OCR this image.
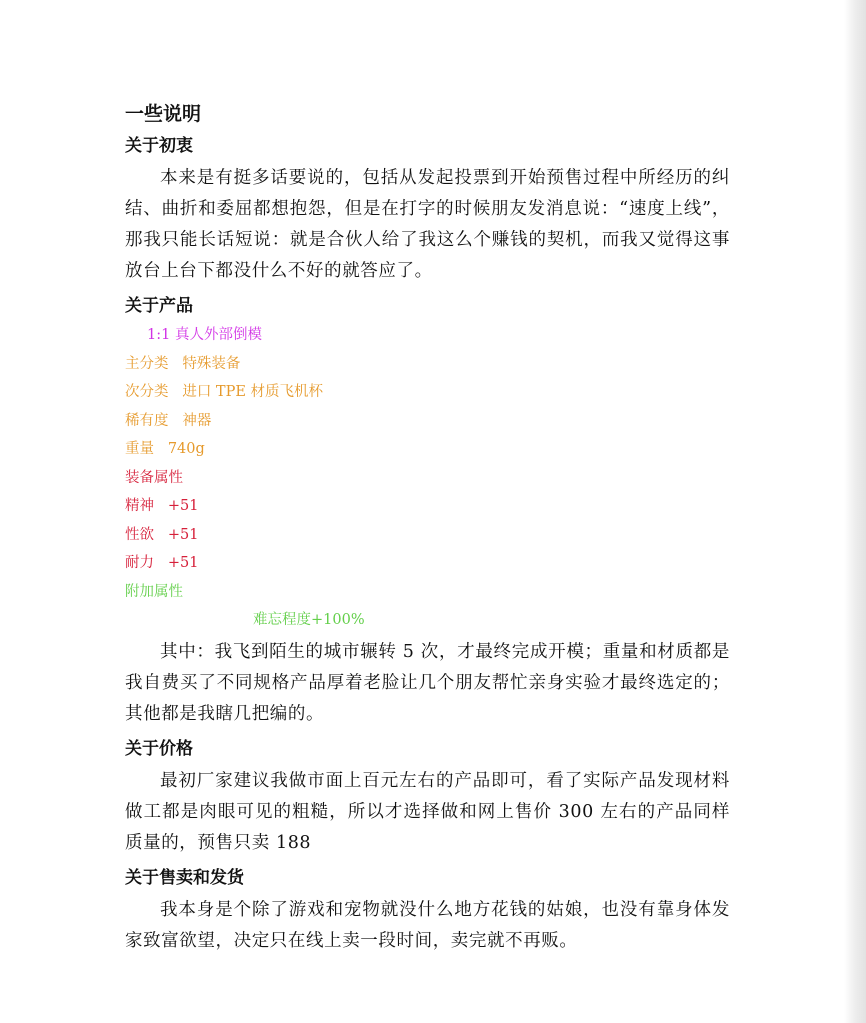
一些说明
关于初衷
本来是有挺多话要说的，包括从发起投票到开始预售过程中所经历的纠结、曲折和委屈都想抱怨，但是在打字的时候朋友发消息说：“速度上线”，那我只能长话短说：就是合伙人给了我这么个赚钱的契机，而我又觉得这事放台上台下都没什么不好的就答应了。
关于产品
1:1 真人外部倒模
主分类   特殊装备
次分类   进口 TPE 材质飞机杯
稀有度   神器
重量   740g
装备属性
精神   +51
性欲   +51
耐力   +51
附加属性
难忘程度+100%
其中：我飞到陌生的城市辗转 5 次，才最终完成开模；重量和材质都是我自费买了不同规格产品厚着老脸让几个朋友帮忙亲身实验才最终选定的；其他都是我瞎几把编的。
关于价格
最初厂家建议我做市面上百元左右的产品即可，看了实际产品发现材料做工都是肉眼可见的粗糙，所以才选择做和网上售价 300 左右的产品同样质量的，预售只卖 188
关于售卖和发货
我本身是个除了游戏和宠物就没什么地方花钱的姑娘，也没有靠身体发家致富欲望，决定只在线上卖一段时间，卖完就不再贩。
